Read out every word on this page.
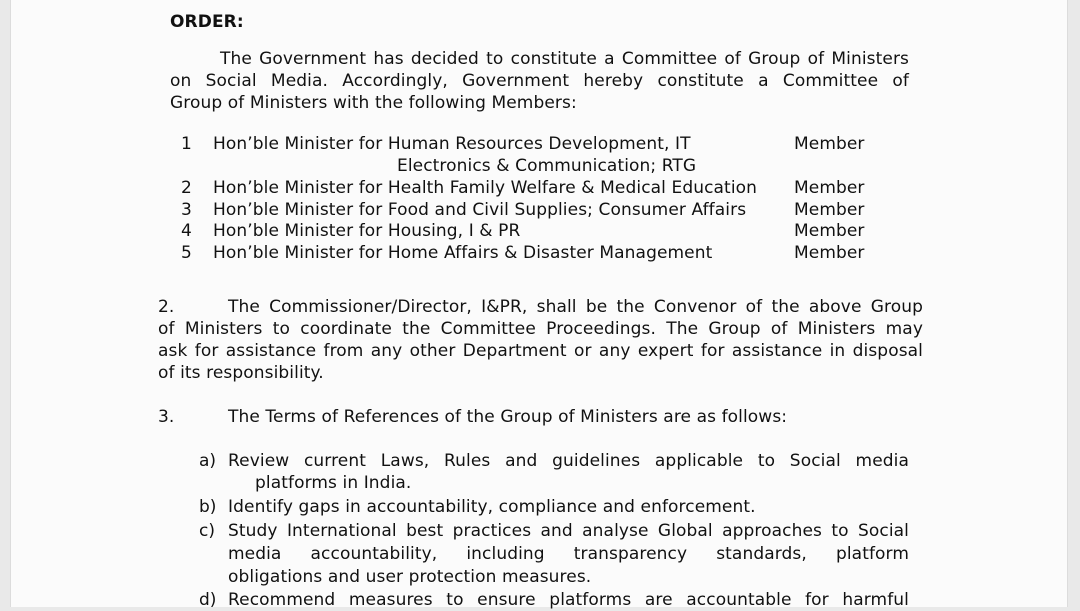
ORDER:
The Government has decided to constitute a Committee of Group of Ministers
on Social Media. Accordingly, Government hereby constitute a Committee of
Group of Ministers with the following Members:
1 Hon’ble Minister for Human Resources Development, IT	Member
Electronics & Communication; RTG
2 Hon’ble Minister for Health Family Welfare & Medical Education Member
3 Hon’ble Minister for Food and Civil Supplies; Consumer Affairs	Member
4 Hon’ble Minister for Housing, I & PR	Member
5 Hon’ble Minister for Home Affairs & Disaster Management	Member
2.	The Commissioner/Director, I&PR, shall be the Convenor of the above Group
of Ministers to coordinate the Committee Proceedings. The Group of Ministers may
ask for assistance from any other Department or any expert for assistance in disposal
of its responsibility.
3.	The Terms of References of the Group of Ministers are as follows:
a) Review current Laws, Rules and guidelines applicable to Social media
platforms in India.
b) Identify gaps in accountability, compliance and enforcement.
c) Study International best practices and analyse Global approaches to Social
media accountability, including transparency standards, platform
obligations and user protection measures.
d) Recommend measures to ensure platforms are accountable for harmful
